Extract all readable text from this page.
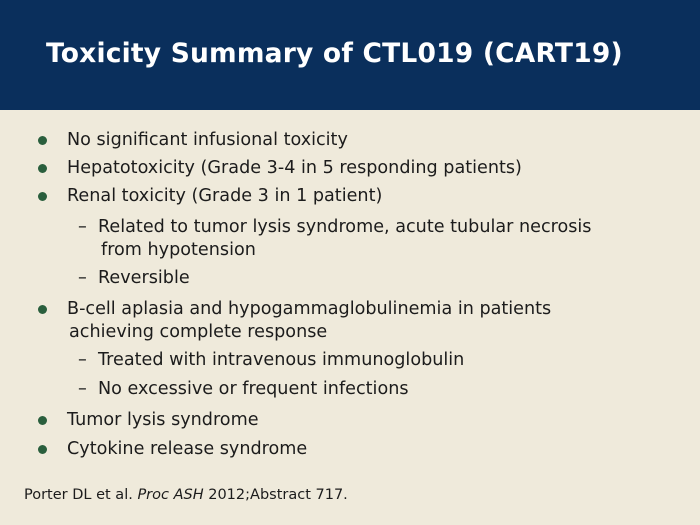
Toxicity Summary of CTL019 (CART19)
No significant infusional toxicity
Hepatotoxicity (Grade 3-4 in 5 responding patients)
Renal toxicity (Grade 3 in 1 patient)
– Related to tumor lysis syndrome, acute tubular necrosis
from hypotension
– Reversible
B-cell aplasia and hypogammaglobulinemia in patients
achieving complete response
– Treated with intravenous immunoglobulin
– No excessive or frequent infections
Tumor lysis syndrome
Cytokine release syndrome
Porter DL et al. Proc ASH 2012;Abstract 717.
